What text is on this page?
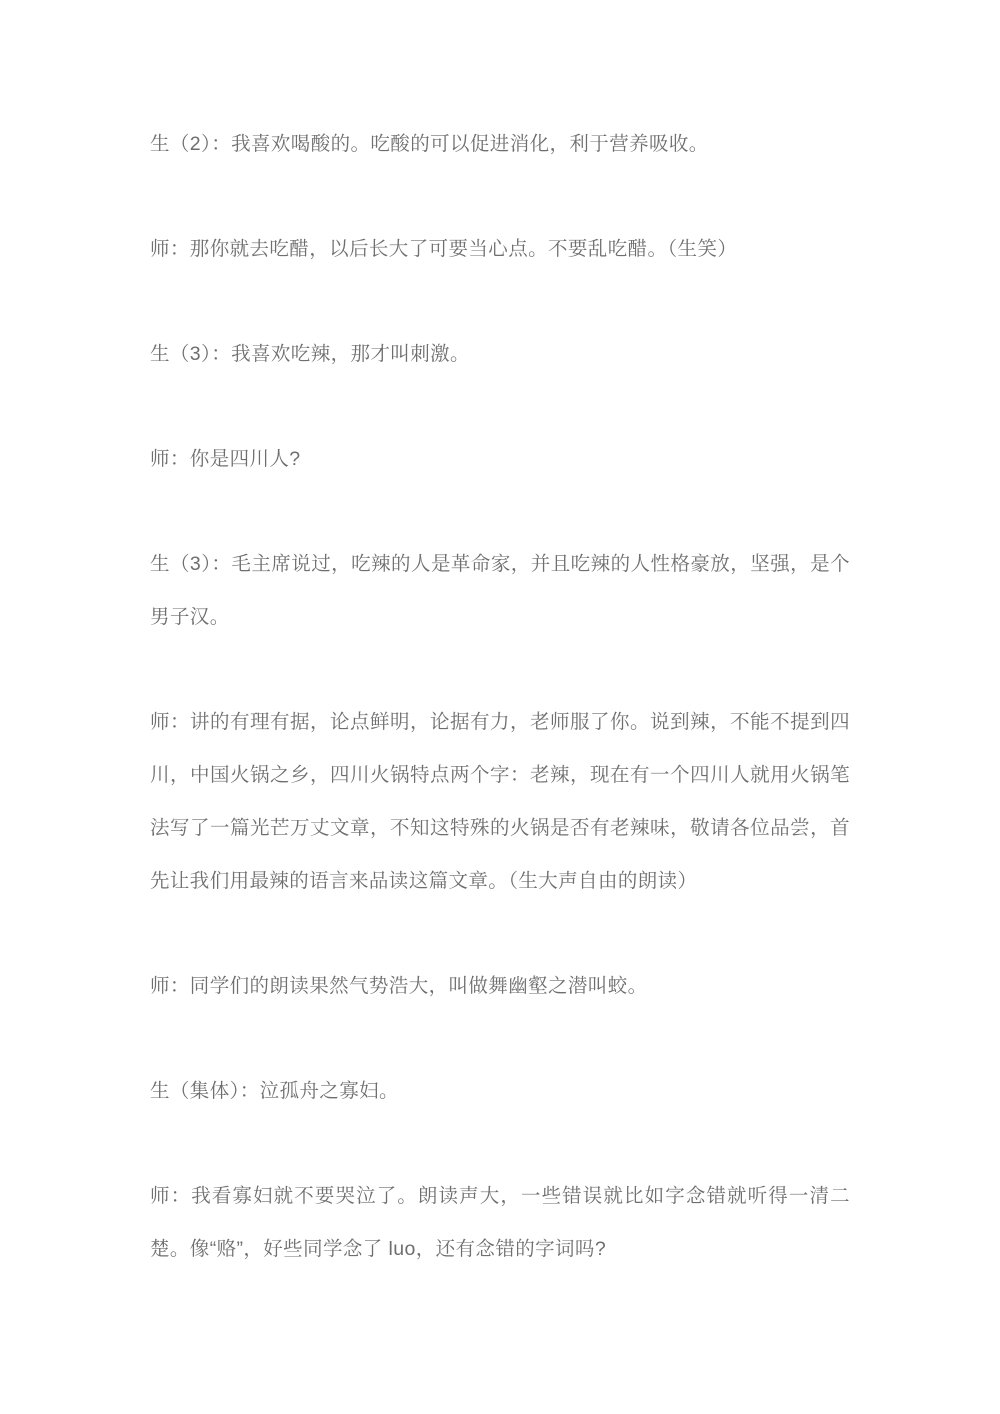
生（2）：我喜欢喝酸的。吃酸的可以促进消化，利于营养吸收。

师：那你就去吃醋，以后长大了可要当心点。不要乱吃醋。（生笑）

生（3）：我喜欢吃辣，那才叫刺激。

师：你是四川人?

生（3）：毛主席说过，吃辣的人是革命家，并且吃辣的人性格豪放，坚强，是个男子汉。

师：讲的有理有据，论点鲜明，论据有力，老师服了你。说到辣，不能不提到四川，中国火锅之乡，四川火锅特点两个字：老辣，现在有一个四川人就用火锅笔法写了一篇光芒万丈文章，不知这特殊的火锅是否有老辣味，敬请各位品尝，首先让我们用最辣的语言来品读这篇文章。（生大声自由的朗读）

师：同学们的朗读果然气势浩大，叫做舞幽壑之潜叫蛟。

生（集体）：泣孤舟之寡妇。

师：我看寡妇就不要哭泣了。朗读声大，一些错误就比如字念错就听得一清二楚。像“赂”，好些同学念了 luo，还有念错的字词吗?
